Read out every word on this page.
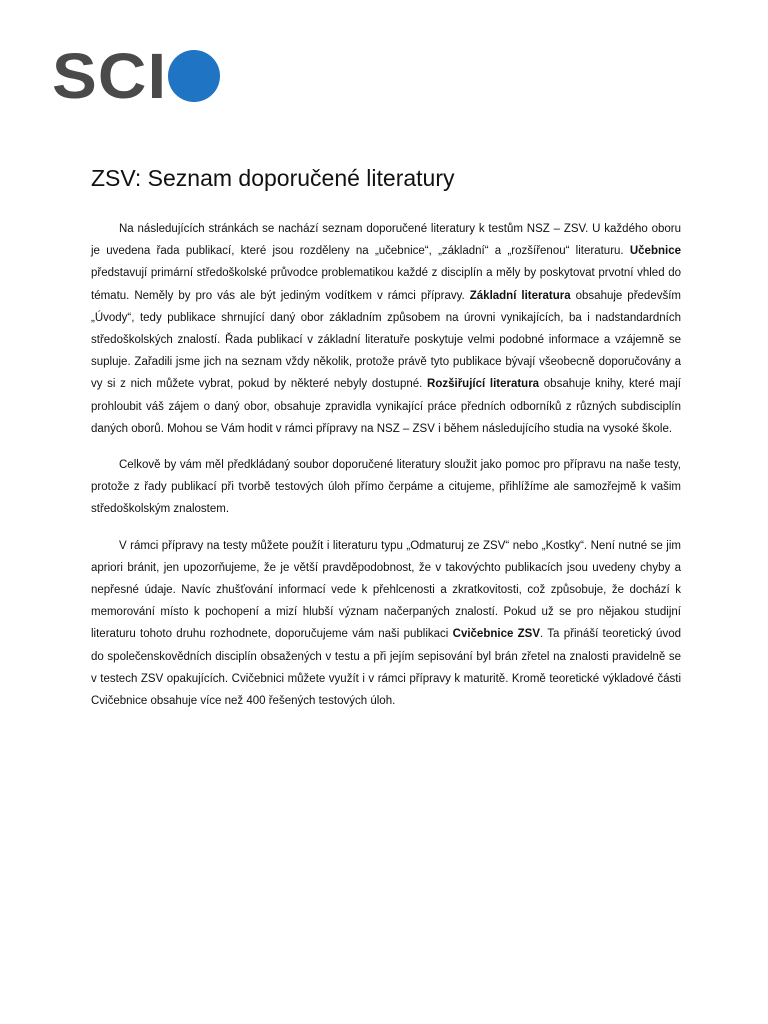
SCI
ZSV: Seznam doporučené literatury

Na následujících stránkách se nachází seznam doporučené literatury k testům NSZ – ZSV. U každého oboru je uvedena řada publikací, které jsou rozděleny na „učebnice“, „základní“ a „rozšířenou“ literaturu. Učebnice představují primární středoškolské průvodce problematikou každé z disciplín a měly by poskytovat prvotní vhled do tématu. Neměly by pro vás ale být jediným vodítkem v rámci přípravy. Základní literatura obsahuje především „Úvody“, tedy publikace shrnující daný obor základním způsobem na úrovni vynikajících, ba i nadstandardních středoškolských znalostí. Řada publikací v základní literatuře poskytuje velmi podobné informace a vzájemně se supluje. Zařadili jsme jich na seznam vždy několik, protože právě tyto publikace bývají všeobecně doporučovány a vy si z nich můžete vybrat, pokud by některé nebyly dostupné. Rozšiřující literatura obsahuje knihy, které mají prohloubit váš zájem o daný obor, obsahuje zpravidla vynikající práce předních odborníků z různých subdisciplín daných oborů. Mohou se Vám hodit v rámci přípravy na NSZ – ZSV i během následujícího studia na vysoké škole.

Celkově by vám měl předkládaný soubor doporučené literatury sloužit jako pomoc pro přípravu na naše testy, protože z řady publikací při tvorbě testových úloh přímo čerpáme a citujeme, přihlížíme ale samozřejmě k vašim středoškolským znalostem.

V rámci přípravy na testy můžete použít i literaturu typu „Odmaturuj ze ZSV“ nebo „Kostky“. Není nutné se jim apriori bránit, jen upozorňujeme, že je větší pravděpodobnost, že v takovýchto publikacích jsou uvedeny chyby a nepřesné údaje. Navíc zhušťování informací vede k přehlcenosti a zkratkovitosti, což způsobuje, že dochází k memorování místo k pochopení a mizí hlubší význam načerpaných znalostí. Pokud už se pro nějakou studijní literaturu tohoto druhu rozhodnete, doporučujeme vám naši publikaci Cvičebnice ZSV. Ta přináší teoretický úvod do společenskovědních disciplín obsažených v testu a při jejím sepisování byl brán zřetel na znalosti pravidelně se v testech ZSV opakujících. Cvičebnici můžete využít i v rámci přípravy k maturitě. Kromě teoretické výkladové části Cvičebnice obsahuje více než 400 řešených testových úloh.
